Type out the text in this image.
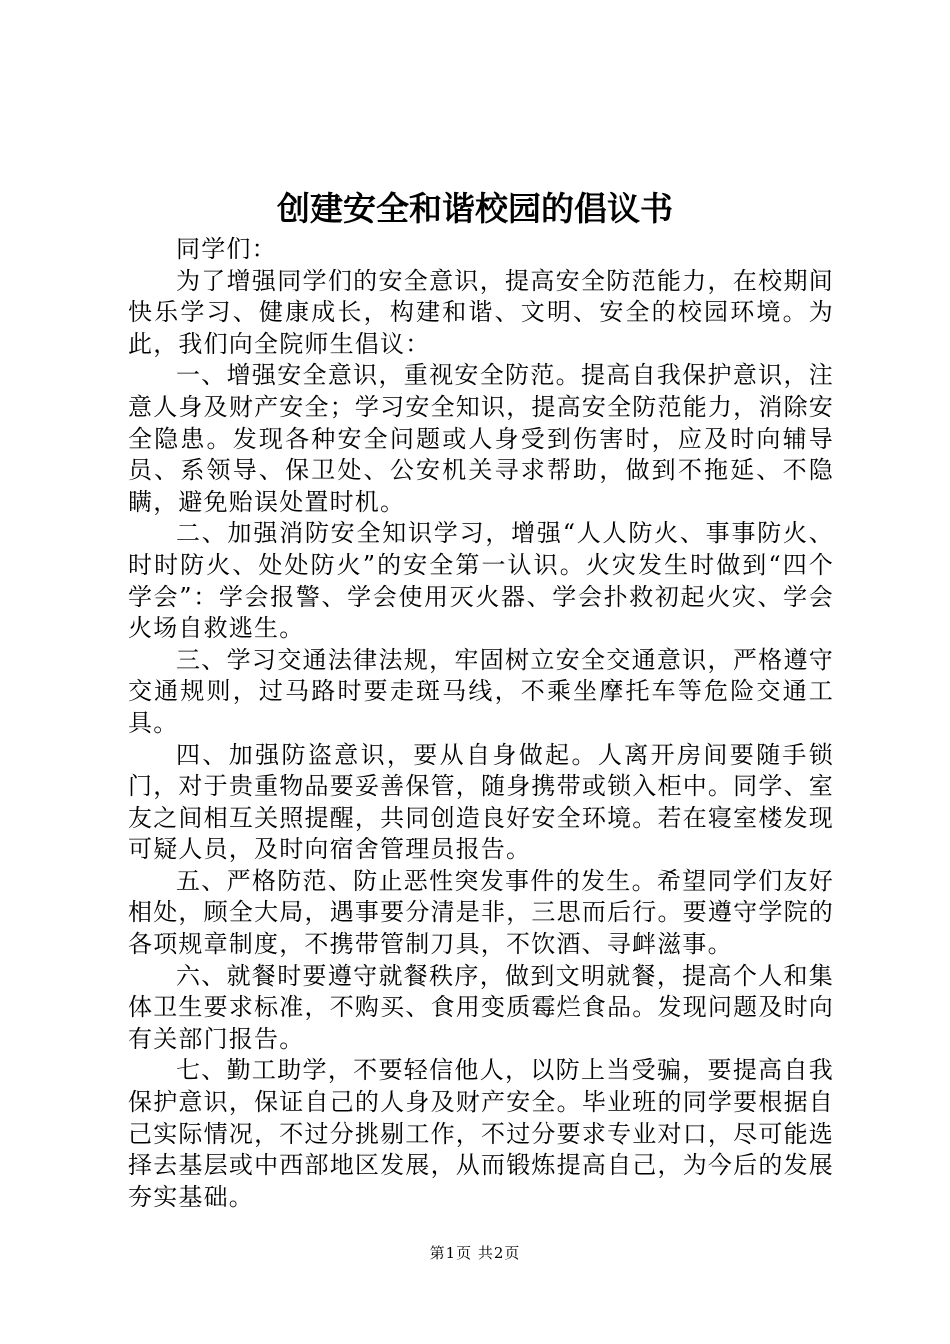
创建安全和谐校园的倡议书

同学们：

为了增强同学们的安全意识，提高安全防范能力，在校期间快乐学习、健康成长，构建和谐、文明、安全的校园环境。为此，我们向全院师生倡议：

一、增强安全意识，重视安全防范。提高自我保护意识，注意人身及财产安全；学习安全知识，提高安全防范能力，消除安全隐患。发现各种安全问题或人身受到伤害时，应及时向辅导员、系领导、保卫处、公安机关寻求帮助，做到不拖延、不隐瞒，避免贻误处置时机。

二、加强消防安全知识学习，增强“人人防火、事事防火、时时防火、处处防火”的安全第一认识。火灾发生时做到“四个学会”：学会报警、学会使用灭火器、学会扑救初起火灾、学会火场自救逃生。

三、学习交通法律法规，牢固树立安全交通意识，严格遵守交通规则，过马路时要走斑马线，不乘坐摩托车等危险交通工具。

四、加强防盗意识，要从自身做起。人离开房间要随手锁门，对于贵重物品要妥善保管，随身携带或锁入柜中。同学、室友之间相互关照提醒，共同创造良好安全环境。若在寝室楼发现可疑人员，及时向宿舍管理员报告。

五、严格防范、防止恶性突发事件的发生。希望同学们友好相处，顾全大局，遇事要分清是非，三思而后行。要遵守学院的各项规章制度，不携带管制刀具，不饮酒、寻衅滋事。

六、就餐时要遵守就餐秩序，做到文明就餐，提高个人和集体卫生要求标准，不购买、食用变质霉烂食品。发现问题及时向有关部门报告。

七、勤工助学，不要轻信他人，以防上当受骗，要提高自我保护意识，保证自己的人身及财产安全。毕业班的同学要根据自己实际情况，不过分挑剔工作，不过分要求专业对口，尽可能选择去基层或中西部地区发展，从而锻炼提高自己，为今后的发展夯实基础。

第1页 共2页
